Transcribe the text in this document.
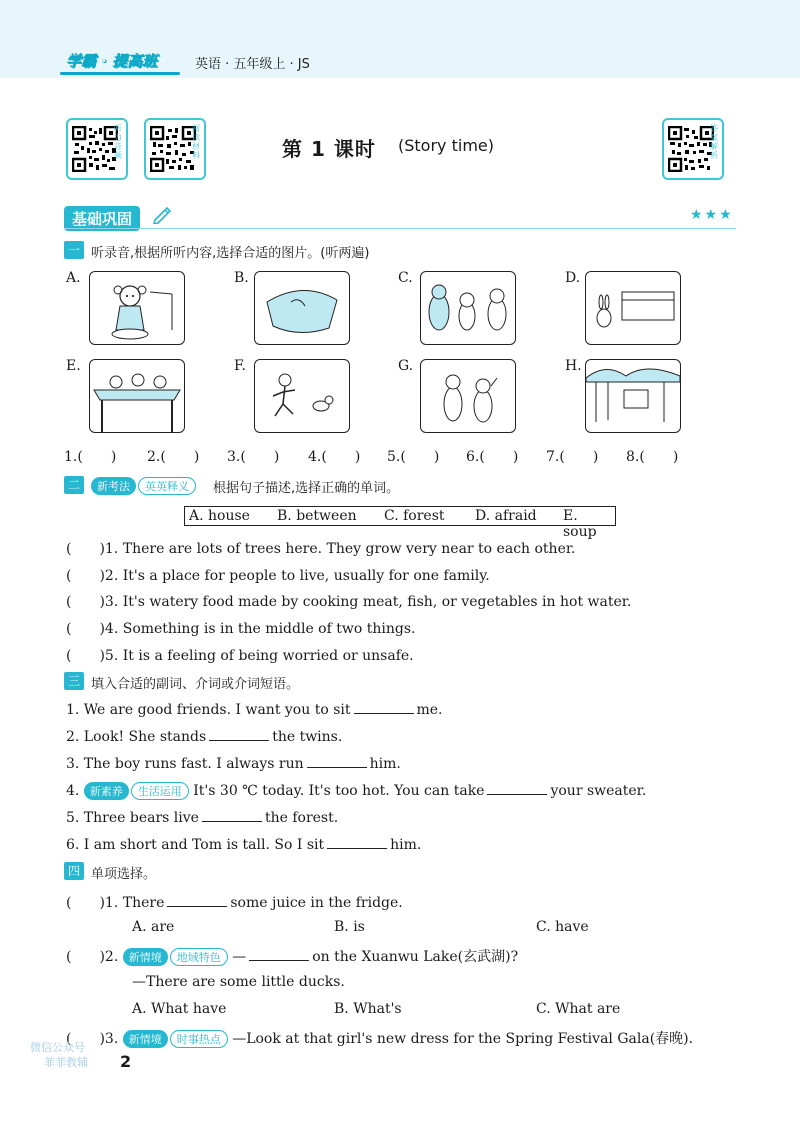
学霸 · 提高班	英语 · 五年级上 · JS
听力音频
阅读材料
答案解析
第 1 课时 (Story time)
基础巩固	★★★
一 听录音,根据所听内容,选择合适的图片。(听两遍)
A.	B.	C.	D.
E.	F.	G.	H.
1.(　　) 2.(　　) 3.(　　) 4.(　　) 5.(　　) 6.(　　) 7.(　　) 8.(　　)
二	新考法 英英释义	根据句子描述,选择正确的单词。
A. house B. between C. forest D. afraid E. soup
(　　)1. There are lots of trees here. They grow very near to each other.
(　　)2. It's a place for people to live, usually for one family.
(　　)3. It's watery food made by cooking meat, fish, or vegetables in hot water.
(　　)4. Something is in the middle of two things.
(　　)5. It is a feeling of being worried or unsafe.
三 填入合适的副词、介词或介词短语。
1. We are good friends. I want you to sit	me.
2. Look! She stands	the twins.
3. The boy runs fast. I always run	him.
4. 新素养 生活运用 It's 30 ℃ today. It's too hot. You can take	your sweater.
5. Three bears live	the forest.
6. I am short and Tom is tall. So I sit	him.
四 单项选择。
(　　)1. There	some juice in the fridge.
A. are	B. is	C. have
(　　)2. 新情境 地域特色 —	on the Xuanwu Lake(玄武湖)?
—There are some little ducks.
A. What have	B. What's	C. What are
(　　)3. 新情境 时事热点 —Look at that girl's new dress for the Spring Festival Gala(春晚).
微信公众号
菲菲教辅 2
